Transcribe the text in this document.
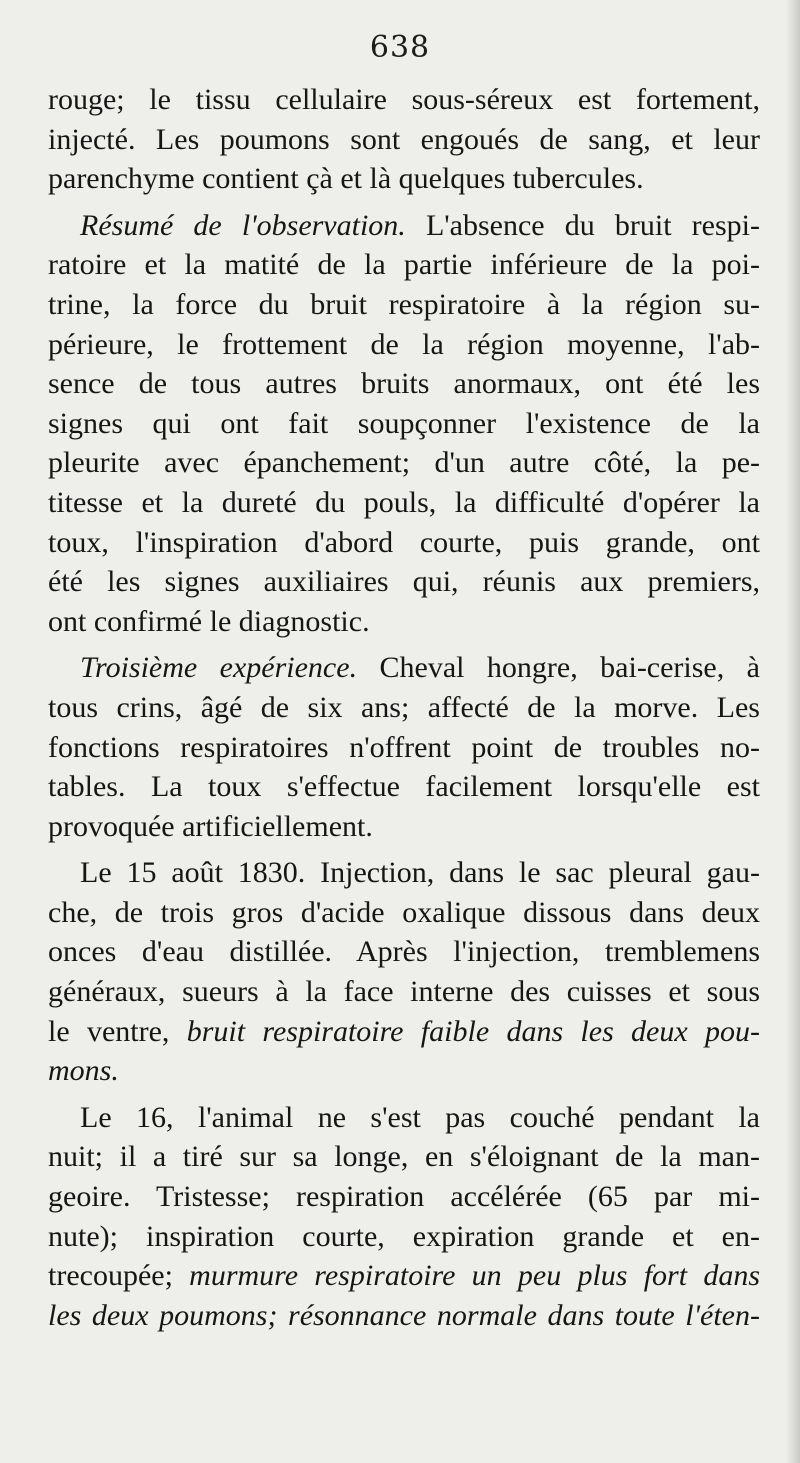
638
rouge; le tissu cellulaire sous-séreux est fortement,
injecté. Les poumons sont engoués de sang, et leur
parenchyme contient çà et là quelques tubercules.
Résumé de l'observation. L'absence du bruit respi-
ratoire et la matité de la partie inférieure de la poi-
trine, la force du bruit respiratoire à la région su-
périeure, le frottement de la région moyenne, l'ab-
sence de tous autres bruits anormaux, ont été les
signes qui ont fait soupçonner l'existence de la
pleurite avec épanchement; d'un autre côté, la pe-
titesse et la dureté du pouls, la difficulté d'opérer la
toux, l'inspiration d'abord courte, puis grande, ont
été les signes auxiliaires qui, réunis aux premiers,
ont confirmé le diagnostic.
Troisième expérience. Cheval hongre, bai-cerise, à
tous crins, âgé de six ans; affecté de la morve. Les
fonctions respiratoires n'offrent point de troubles no-
tables. La toux s'effectue facilement lorsqu'elle est
provoquée artificiellement.
Le 15 août 1830. Injection, dans le sac pleural gau-
che, de trois gros d'acide oxalique dissous dans deux
onces d'eau distillée. Après l'injection, tremblemens
généraux, sueurs à la face interne des cuisses et sous
le ventre, bruit respiratoire faible dans les deux pou-
mons.
Le 16, l'animal ne s'est pas couché pendant la
nuit; il a tiré sur sa longe, en s'éloignant de la man-
geoire. Tristesse; respiration accélérée (65 par mi-
nute); inspiration courte, expiration grande et en-
trecoupée; murmure respiratoire un peu plus fort dans
les deux poumons; résonnance normale dans toute l'éten-
